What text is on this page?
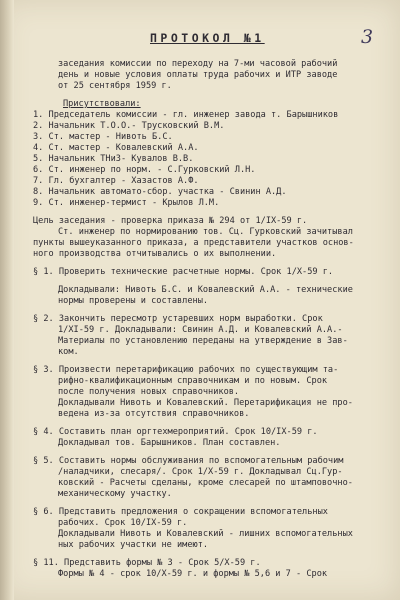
3
ПРОТОКОЛ №1
заседания комиссии по переходу на 7-ми часовой рабочий
день и новые условия оплаты труда рабочих и ИТР заводе
от 25 сентября 1959 г.
Присутствовали:
1. Председатель комиссии - гл. инженер завода т. Барышников
2. Начальник Т.О.О.- Трусковский В.М.
3. Ст. мастер - Нивоть Б.С.
4. Ст. мастер - Ковалевский А.А.
5. Начальник ТНиЗ- Кувалов В.В.
6. Ст. инженер по норм. - С.Гурковский Л.Н.
7. Гл. бухгалтер - Хазастов А.Ф.
8. Начальник автомато-сбор. участка - Свинин А.Д.
9. Ст. инженер-термист - Крылов Л.М.
Цель заседания - проверка приказа № 294 от 1/IX-59 г.
Ст. инженер по нормированию тов. Сц. Гурковский зачитывал
пункты вышеуказанного приказа, а представители участков основ-
ного производства отчитывались о их выполнении.
§ 1. Проверить технические расчетные нормы. Срок 1/X-59 г.
Докладывали: Нивоть Б.С. и Ковалевский А.А. - технические
нормы проверены и составлены.
§ 2. Закончить пересмотр устаревших норм выработки. Срок
1/XI-59 г. Докладывали: Свинин А.Д. и Ковалевский А.А.-
Материалы по установлению переданы на утверждение в Зав-
ком.
§ 3. Произвести перетарификацию рабочих по существующим та-
рифно-квалификационным справочникам и по новым. Срок
после получения новых справочников.
Докладывали Нивоть и Ковалевский. Перетарификация не про-
ведена из-за отсутствия справочников.
§ 4. Составить план оргтехмероприятий. Срок 10/IX-59 г.
Докладывал тов. Барышников. План составлен.
§ 5. Составить нормы обслуживания по вспомогательным рабочим
/наладчики, слесаря/. Срок 1/X-59 г. Докладывал Сц.Гур-
ковский - Расчеты сделаны, кроме слесарей по штамповочно-
механическому участку.
§ 6. Представить предложения о сокращении вспомогательных
рабочих. Срок 10/IX-59 г.
Докладывали Нивоть и Ковалевский - лишних вспомогательных
ных рабочих участки не имеют.
§ 11. Представить формы № 3 - Срок 5/X-59 г.
Формы № 4 - срок 10/X-59 г. и формы № 5,6 и 7 - Срок
